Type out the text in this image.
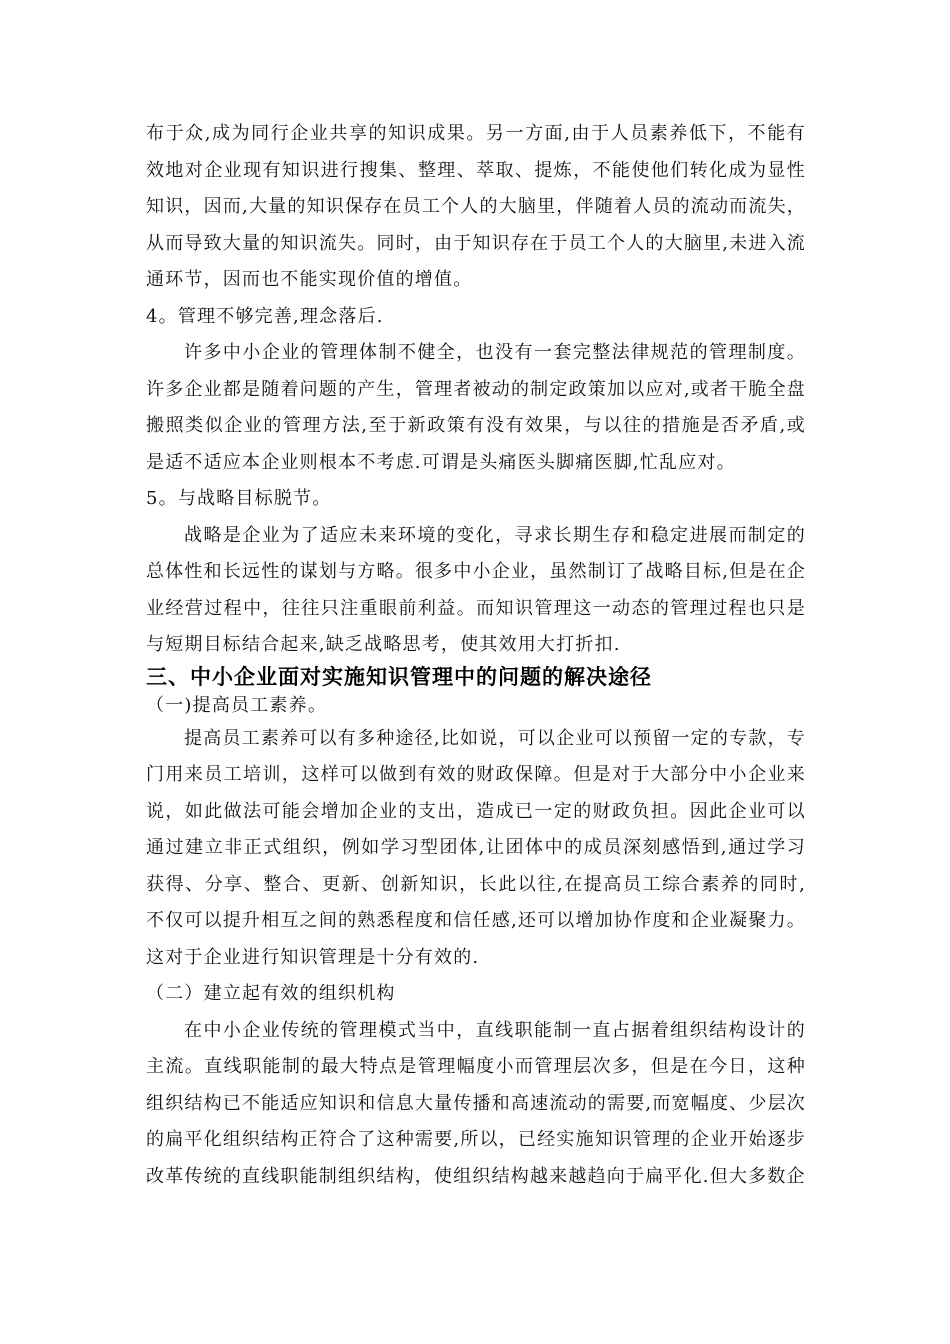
布于众,成为同行企业共享的知识成果。另一方面,由于人员素养低下，不能有效地对企业现有知识进行搜集、整理、萃取、提炼，不能使他们转化成为显性知识，因而,大量的知识保存在员工个人的大脑里，伴随着人员的流动而流失，从而导致大量的知识流失。同时，由于知识存在于员工个人的大脑里,未进入流通环节，因而也不能实现价值的增值。

4。管理不够完善,理念落后.

许多中小企业的管理体制不健全，也没有一套完整法律规范的管理制度。许多企业都是随着问题的产生，管理者被动的制定政策加以应对,或者干脆全盘搬照类似企业的管理方法,至于新政策有没有效果，与以往的措施是否矛盾,或是适不适应本企业则根本不考虑.可谓是头痛医头脚痛医脚,忙乱应对。

5。与战略目标脱节。

战略是企业为了适应未来环境的变化，寻求长期生存和稳定进展而制定的总体性和长远性的谋划与方略。很多中小企业，虽然制订了战略目标,但是在企业经营过程中，往往只注重眼前利益。而知识管理这一动态的管理过程也只是与短期目标结合起来,缺乏战略思考，使其效用大打折扣.

三、中小企业面对实施知识管理中的问题的解决途径

（一)提高员工素养。

提高员工素养可以有多种途径,比如说，可以企业可以预留一定的专款，专门用来员工培训，这样可以做到有效的财政保障。但是对于大部分中小企业来说，如此做法可能会增加企业的支出，造成已一定的财政负担。因此企业可以通过建立非正式组织，例如学习型团体,让团体中的成员深刻感悟到,通过学习获得、分享、整合、更新、创新知识，长此以往,在提高员工综合素养的同时,不仅可以提升相互之间的熟悉程度和信任感,还可以增加协作度和企业凝聚力。这对于企业进行知识管理是十分有效的.

（二）建立起有效的组织机构

在中小企业传统的管理模式当中，直线职能制一直占据着组织结构设计的主流。直线职能制的最大特点是管理幅度小而管理层次多，但是在今日，这种组织结构已不能适应知识和信息大量传播和高速流动的需要,而宽幅度、少层次的扁平化组织结构正符合了这种需要,所以，已经实施知识管理的企业开始逐步改革传统的直线职能制组织结构，使组织结构越来越趋向于扁平化.但大多数企
